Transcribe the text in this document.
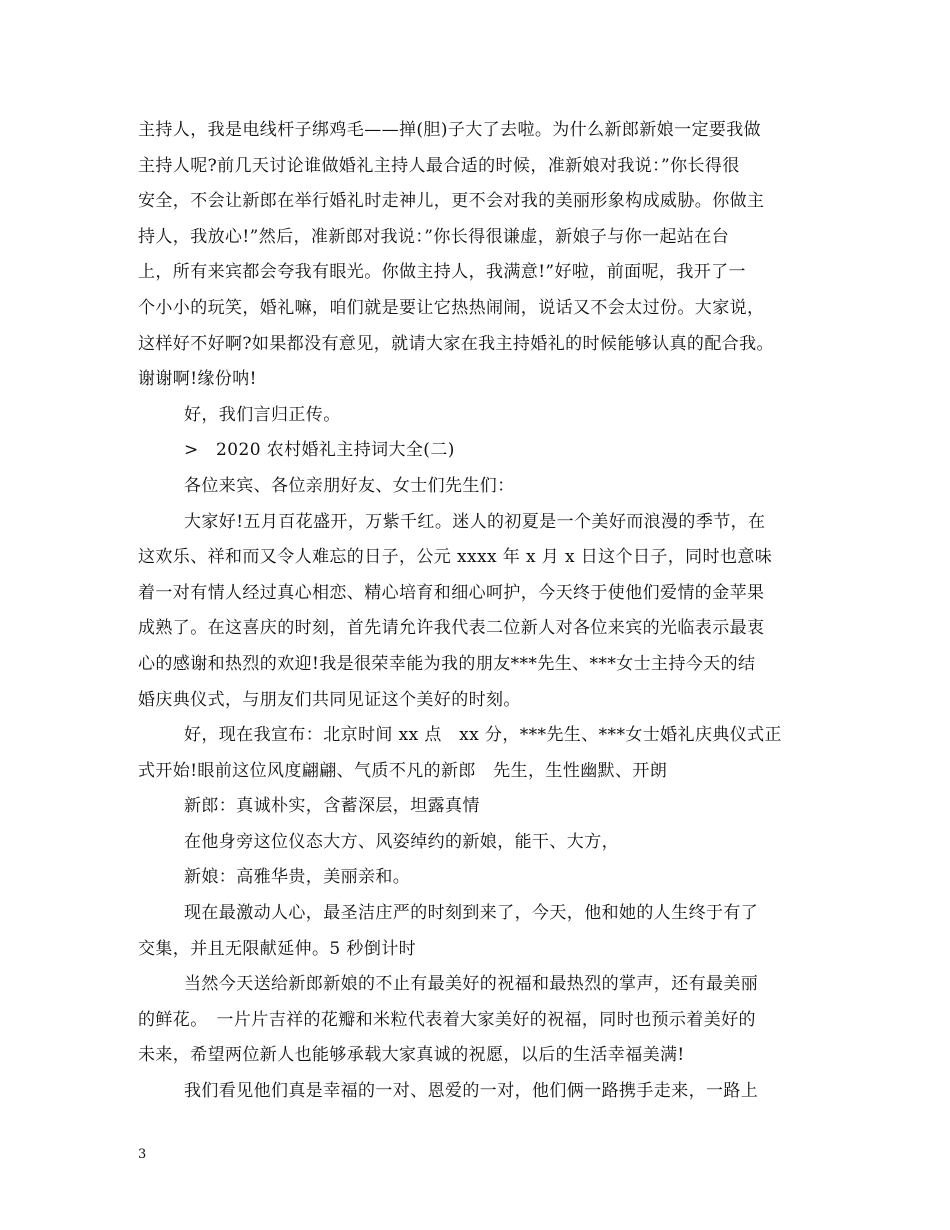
主持人，我是电线杆子绑鸡毛——掸(胆)子大了去啦。为什么新郎新娘一定要我做
主持人呢?前几天讨论谁做婚礼主持人最合适的时候，准新娘对我说：”你长得很
安全，不会让新郎在举行婚礼时走神儿，更不会对我的美丽形象构成威胁。你做主
持人，我放心!”然后，准新郎对我说：”你长得很谦虚，新娘子与你一起站在台
上，所有来宾都会夸我有眼光。你做主持人，我满意!”好啦，前面呢，我开了一
个小小的玩笑，婚礼嘛，咱们就是要让它热热闹闹，说话又不会太过份。大家说，
这样好不好啊?如果都没有意见，就请大家在我主持婚礼的时候能够认真的配合我。
谢谢啊!缘份呐!
好，我们言归正传。
>　2020 农村婚礼主持词大全(二)
各位来宾、各位亲朋好友、女士们先生们：
大家好!五月百花盛开，万紫千红。迷人的初夏是一个美好而浪漫的季节，在
这欢乐、祥和而又令人难忘的日子，公元 xxxx 年 x 月 x 日这个日子，同时也意味
着一对有情人经过真心相恋、精心培育和细心呵护，今天终于使他们爱情的金苹果
成熟了。在这喜庆的时刻，首先请允许我代表二位新人对各位来宾的光临表示最衷
心的感谢和热烈的欢迎!我是很荣幸能为我的朋友***先生、***女士主持今天的结
婚庆典仪式，与朋友们共同见证这个美好的时刻。
好，现在我宣布：北京时间 xx 点　xx 分，***先生、***女士婚礼庆典仪式正
式开始!眼前这位风度翩翩、气质不凡的新郎　先生，生性幽默、开朗
新郎：真诚朴实，含蓄深层，坦露真情
在他身旁这位仪态大方、风姿绰约的新娘，能干、大方，
新娘：高雅华贵，美丽亲和。
现在最激动人心，最圣洁庄严的时刻到来了，今天，他和她的人生终于有了
交集，并且无限献延伸。5 秒倒计时
当然今天送给新郎新娘的不止有最美好的祝福和最热烈的掌声，还有最美丽
的鲜花。　一片片吉祥的花瓣和米粒代表着大家美好的祝福，同时也预示着美好的
未来，希望两位新人也能够承载大家真诚的祝愿，以后的生活幸福美满!
我们看见他们真是幸福的一对、恩爱的一对，他们俩一路携手走来，一路上
3
